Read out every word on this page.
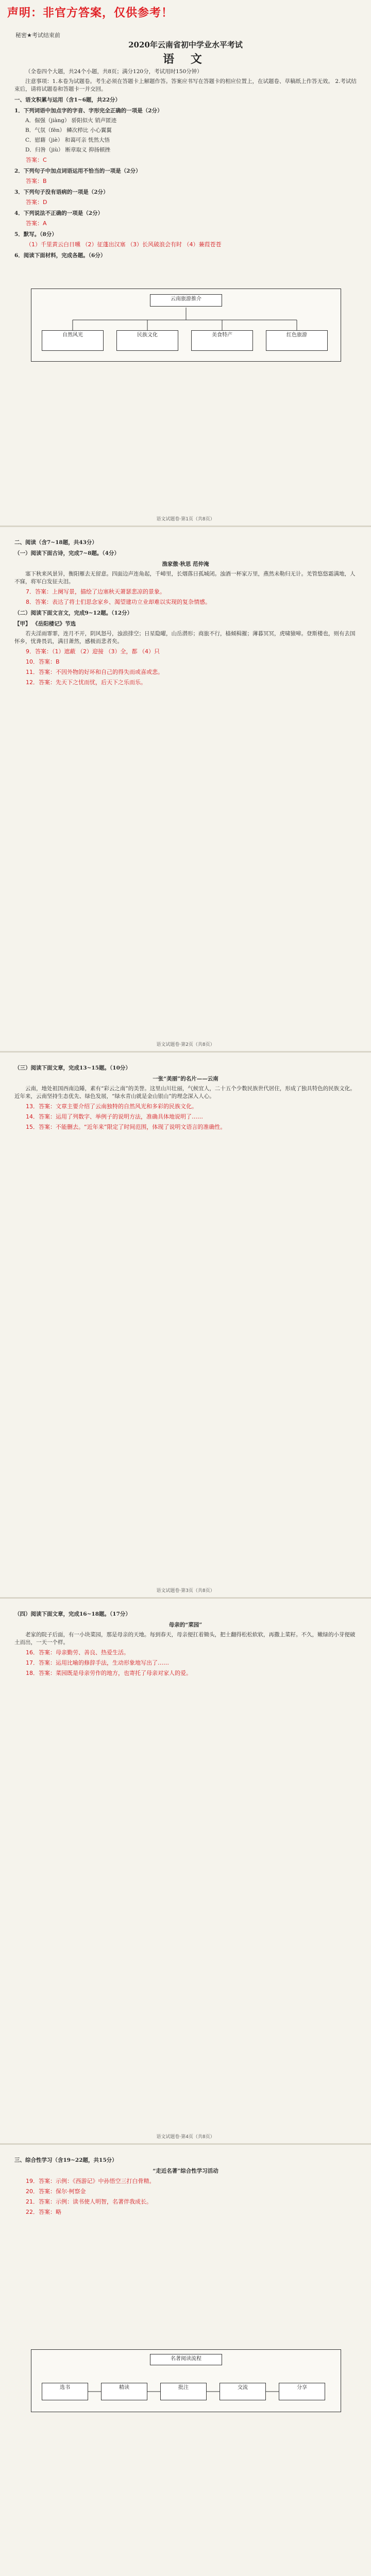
声明：非官方答案，仅供参考！
秘密★考试结束前
2020年云南省初中学业水平考试
语 文

（全卷四个大题，共24个小题，共8页；满分120分，考试用时150分钟）

注意事项：1.本卷为试题卷。考生必须在答题卡上解题作答。答案应书写在答题卡的相应位置上，在试题卷、草稿纸上作答无效。 2.考试结束后，请将试题卷和答题卡一并交回。

一、语文积累与运用（含1~6题，共22分）

1．下列词语中加点字的字音、字形完全正确的一项是（2分）

A．倔强（jiàng） 骄阳似火 销声匿迹

B．气氛（fēn） 鳞次栉比 小心翼翼

C．慰藉（jiè） 和蔼可亲 恍然大悟

D．归咎（jiù） 断章取义 抑扬顿挫

答案：C

2．下列句子中加点词语运用不恰当的一项是（2分）

答案：B

3．下列句子没有语病的一项是（2分）

答案：D

4．下列说法不正确的一项是（2分）

答案：A

5．默写。（8分）

（1）千里黄云白日曛 （2）征蓬出汉塞 （3）长风破浪会有时 （4）蒹葭苍苍

6．阅读下面材料，完成各题。（6分）

云南旅游推介
自然风光	民族文化	美食特产	红色旅游
语文试题卷·第1页（共8页）

二、阅读（含7~18题，共43分）

（一）阅读下面古诗，完成7~8题。（4分）

渔家傲·秋思 范仲淹

塞下秋来风景异，衡阳雁去无留意。四面边声连角起，千嶂里，长烟落日孤城闭。浊酒一杯家万里，燕然未勒归无计。羌管悠悠霜满地，人不寐，将军白发征夫泪。

7．答案：上阕写景，描绘了边塞秋天萧瑟悲凉的景象。

8．答案：表达了将士们思念家乡、渴望建功立业却难以实现的复杂情感。

（二）阅读下面文言文，完成9~12题。（12分）

【甲】 《岳阳楼记》节选

若夫淫雨霏霏，连月不开，阴风怒号，浊浪排空；日星隐曜，山岳潜形；商旅不行，樯倾楫摧；薄暮冥冥，虎啸猿啼。登斯楼也，则有去国怀乡，忧谗畏讥，满目萧然，感极而悲者矣。

9．答案：（1）遮蔽 （2）迎接 （3）全，都 （4）只

10．答案：B

11．答案：不因外物的好坏和自己的得失而或喜或悲。

12．答案：先天下之忧而忧，后天下之乐而乐。

语文试题卷·第2页（共8页）

（三）阅读下面文章，完成13~15题。（10分）

一张“美丽”的名片——云南

云南，地处祖国西南边陲，素有“彩云之南”的美誉。这里山川壮丽，气候宜人，二十五个少数民族世代居住，形成了独具特色的民族文化。近年来，云南坚持生态优先、绿色发展，“绿水青山就是金山银山”的理念深入人心。

13．答案：文章主要介绍了云南独特的自然风光和多彩的民族文化。

14．答案：运用了列数字、举例子的说明方法，准确具体地说明了……

15．答案：不能删去。“近年来”限定了时间范围，体现了说明文语言的准确性。

语文试题卷·第3页（共8页）

（四）阅读下面文章，完成16~18题。（17分）

母亲的“菜园”

老家的院子后面，有一小块菜园，那是母亲的天地。每到春天，母亲便扛着锄头，把土翻得松松软软，再撒上菜籽。不久，嫩绿的小芽便破土而出，一天一个样。

16．答案：母亲勤劳、善良、热爱生活。

17．答案：运用比喻的修辞手法，生动形象地写出了……

18．答案：菜园既是母亲劳作的地方，也寄托了母亲对家人的爱。

语文试题卷·第4页（共8页）

三、综合性学习（含19~22题，共15分）

“走近名著”综合性学习活动

19．答案：示例：《西游记》中孙悟空三打白骨精。

20．答案：保尔·柯察金

21．答案：示例：读书使人明智，名著伴我成长。

22．答案：略

名著阅读流程
选书	精读	批注	交流	分享
